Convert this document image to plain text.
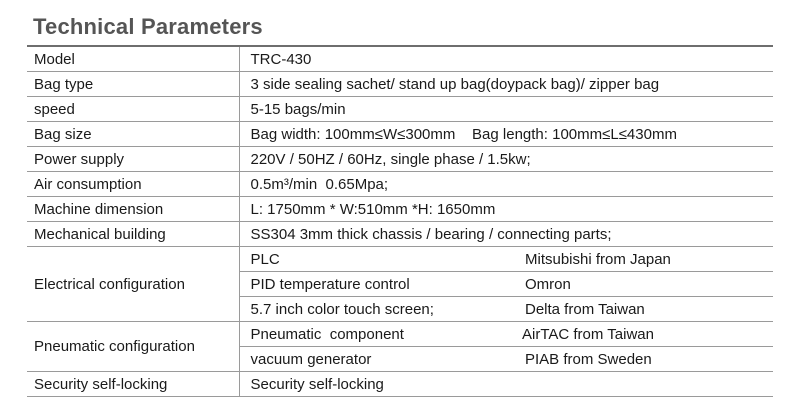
Technical Parameters
Model	TRC-430	
Bag type	3 side sealing sachet/ stand up bag(doypack bag)/ zipper bag	
speed	5-15 bags/min	
Bag size	Bag width: 100mm≤W≤300mm    Bag length: 100mm≤L≤430mm	
Power supply	220V / 50HZ / 60Hz, single phase / 1.5kw;	
Air consumption	0.5m³/min  0.65Mpa;	
Machine dimension	L: 1750mm * W:510mm *H: 1650mm	
Mechanical building	SS304 3mm thick chassis / bearing / connecting parts;	
Electrical configuration	PLC	Mitsubishi from Japan
	PID temperature control	Omron
	5.7 inch color touch screen;	Delta from Taiwan
Pneumatic configuration	Pneumatic  component	AirTAC from Taiwan
	vacuum generator	PIAB from Sweden
Security self-locking	Security self-locking	
